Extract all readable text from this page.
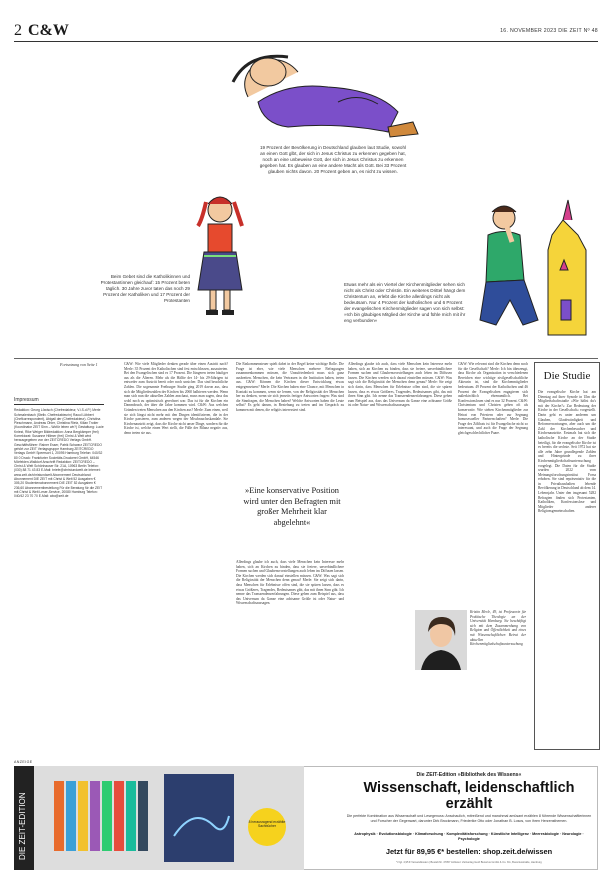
2 C&W	16. NOVEMBER 2023 DIE ZEIT Nº 48
19 Prozent der Bevölkerung in Deutschland glauben laut Studie, sowohl an einen Gott glbt, der sich in Jesus Christus zu erkennen gegeben hat, noch an eine unbeweise Gott, der sich in Jesus Christus zu erkennen gegeben hat. Es glauben an eine andere Macht als Gott. Bei 33 Prozent glauben nichts davon. 20 Prozent geben an, es nicht zu wissen.
Beim Gebet sind die Katholikinnen und Protestantinnen gleichauf: 15 Prozent beten täglich. 30 Jahre zuvor taten das noch 29 Prozent der Katholiken und 17 Prozent der Protestanten
Etwas mehr als ein Viertel der Kirchenmitglieder sehen sich nicht als Christ oder Christin. Ein weiteres Drittel hängt dem Christentum an, erlebt die Kirche allerdings nicht als bedeutsam. Nur 4 Prozent der katholischen und 6 Prozent der evangelischen Kirchenmitglieder sagen von sich selbst: »Ich bin gläubiges Mitglied der Kirche und fühle mich mit ihr eng verbunden«
Fortsetzung von Seite 1
Impressum
Redaktion: Georg Löwisch (Chefredakteur, V.i.S.d.P.) Merle Schmalenbach (Stellv. Chefredakteurin) Raoul Löbbert (Chefkorrespondent), Abigail der (Chefredakteur). Christina Pleschmann, Andreas Öhler, Christina Rietz, Kilian Trotier (Koordinator ZEIT Sinn – Wofür leben wir?) Gestaltung: Lucie Kniest, Rike Weiger Bildredaktion: Anna Bergkämper (frei) Korrektorat: Susanne Hillmer (frei) Christ & Welt wird herausgegeben von der ZEITCREDO Verlags GmbH. Geschäftsführer: Rainer Esser, Patrik Schwarz ZEITCREDO gehört zur ZEIT Verlagsgruppe Hamburg ZEITCREDO Verlags GmbH Speersort 1, 20095 Hamburg Telefon: 040/32 80 0 Druck: Frankfurter Societäts-Druckerei GmbH, 64546 Mörfelden-Walldorf Anschrift Redaktion: ZEITCREDO – Christ & Welt Schönhauser Str. 21A, 10963 Berlin Telefon: (030) 88 71 43 83 E-Mail: briefe@christundwelt.de Internet: www.zeit.de/christundwelt Abonnement Deutschland: Abonnement DIE ZEIT mit Christ & Welt 52 Ausgaben € 305,20 Studentenabonnement DIE ZEIT 52 Ausgaben € 236,60 Abonnementbestellung Für die Beratung für die ZEIT mit Christ & Welt Leser-Service, 20080 Hamburg Telefon: 040/42 23 70 70 E-Mail: abo@zeit.de
C&W: Wie viele Mitglieder denken gerade über einen Austritt nach? Merle: 35 Prozent der Katholischen sind fest entschlossen, auszutreten. Bei den Evangelischen sind es 17 Prozent. Die Jüngeren treten häufiger aus als die Älteren. Mehr als die Hälfte der 14- bis 29-Jährigen ist entweder zum Austritt bereit oder noch unsicher. Das sind beachtliche Zahlen. Die sogenannte Freiburger Studie ging 2019 davon aus, dass sich die Mitgliederzahlen der Kirchen bis 2060 halbieren werden. Wenn man sich nun die aktuellen Zahlen anschaut, muss man sagen, dass das wohl noch zu optimistisch gerechnet war. Das ist für die Kirchen ein Dammbruch, der über die Jahre kommen wird. C&W: Aus welchen Gründen treten Menschen aus den Kirchen aus? Merle: Zum einen, weil sie sich längst nicht mehr mit den Dingen identifizieren, die in der Kirche passieren, zum anderen wegen der Missbrauchsskandale. Sie Kirchenaustritt zeigt, dass die Kirche nicht unser Dinge, sondern für die Kirche ist, welche einen Wert stellt, die Fälle der Bilanz negativ aus, denn treten sie aus.
Die Einkommensteuer spielt dabei in der Regel keine wichtige Rolle. Die Frage ist eher, wie viele Menschen mehrere Befragungen zusammenkommen müssen, die Unzufriedenheit muss sich ganz ausbreiten. Menschen, die kein Vertrauen in die Institution haben, treten aus. C&W: Können die Kirchen dieser Entwicklung etwas entgegensetzen? Merle: Die Kirchen haben eine Chance, mit Menschen in Kontakt zu kommen, wenn sie lernen, von der Religiosität der Menschen her zu denken, wenn sie sich jenseits fertiger Antworten fragen: Was sind die Sinnfragen, die Menschen haben? Welche Antworten haben die Leute selbst? Es geht darum, in Beziehung zu treten und im Gespräch zu kommen mit denen, die religiös interessiert sind.
»Eine konservative Position wird unter den Befragten mit großer Mehrheit klar abgelehnt«
Allerdings glaube ich auch, dass viele Menschen kein Interesse mehr haben, sich an Kirchen zu binden, dass sie freiere, unverbindlichere Formen suchen und Glaubensvorstellungen auch leben im Diffusen lassen. Die Kirchen werden sich darauf einstellen müssen. C&W: Was sagt sich die Religiosität der Menschen denn genau? Merle: Sie zeigt sich darin, dass Menschen für Erlebnisse offen sind, die sie spüren lassen, dass es etwas Größeres, Tragendes, Bedeutsames gibt, das mit ihren Sinn gibt. Ich nenne das Transzendenzerfahrungen. Diese gehen zum Beispiel aus, dass das Universum da Ganze eine achtsame Größe ist oder Natur- und Wissenschaftsaussagen.
Allerdings glaube ich auch, dass viele Menschen kein Interesse mehr haben, sich an Kirchen zu binden, dass sie freiere, unverbindlichere Formen suchen und Glaubensvorstellungen auch leben im Diffusen lassen. Die Kirchen werden sich darauf einstellen müssen. C&W: Was sagt sich die Religiosität der Menschen denn genau? Merle: Sie zeigt sich darin, dass Menschen für Erlebnisse offen sind, die sie spüren lassen, dass es etwas Größeres, Tragendes, Bedeutsames gibt, das mit ihren Sinn gibt. Ich nenne das Transzendenzerfahrungen. Diese gehen zum Beispiel aus, dass das Universum da Ganze eine achtsame Größe ist oder Natur- und Wissenschaftsaussagen.
C&W: Wie relevant sind die Kirchen denn noch für die Gesellschaft? Merle: Ich bin überzeugt, dass Kirche als Organisation in verschiedenen Bereichen eine wichtige zivilgesellschaftliche Akteurin ist, sind die Kirchenmitglieder bedeutsam. 49 Prozent der Katholischen und 46 Prozent der Evangelischen engagieren sich außerkirchlich ehrenamtlich. Bei Konfessionslosen sind es nur 32 Prozent. C&W: Christentum und Christen gehen oft als konservativ. Wie stehen Kirchenmitglieder zur Heirat von Priestern oder zur Segnung homosexueller Partnerschaften? Merle: Die Frage des Zölibats ist für Evangelische nicht so interessant, und auch die Frage der Segnung gleichgeschlechtlicher Paare.
Kristin Merle, 49, ist Professorin für Praktische Theologie an der Universität Hamburg. Sie beschäftigt sich mit dem Zusammenhang von Religion und Öffentlichkeit und eines mit Wissenschaftlichen Beirat der aktuellen Kirchenmitgliedschaftsuntersuchung
Die Studie
Die evangelische Kirche hat am Dienstag auf ihrer Synode in Ulm die Mitgliedschaftsstudie »Wie hältst du's mit der Kirche?« Zur Bedeutung der Kirche in der Gesellschaft« vorgestellt. Darin geht es unter anderem um Glauben, Glaubwürdigkeit und Reformerwartungen, aber auch um die Zahl der Kirchenbesucher und Kirchenaustritte. Erstmals hat sich die katholische Kirche an der Studie beteiligt, für die evangelische Kirche ist es bereits die sechste. Seit 1972 hat sie alle zehn Jahre grundlegende Zahlen und Hintergründe zu ihrer Kirchenmitgliedschaftsuntersuchung vorgelegt. Die Daten für die Studie wurden 2022 vom Meinungsforschungsinstitut Forsa erhoben. Sie sind repräsentativ für die in Privathaushalten lebende Bevölkerung in Deutschland ab dem 14. Lebensjahr. Unter den insgesamt 5282 Befragten finden sich Protestanten, Katholiken, Konfessionslose und Mitglieder anderer Religionsgemeinschaften.
ANZEIGE
DIE ZEIT-EDITION	8 herausragend erzählte Sachbücher
Die ZEIT-Edition »Bibliothek des Wissens«
Wissenschaft, leidenschaftlich erzählt
Die perfekte Kombination aus Wissenschaft und Lesegenuss: Anschaulich, mitreißend und manchmal amüsant erzählen 8 führende Wissenschaftlerinnen und Forscher der Gegenwart, darunter Dirk Brockmann, Friederike Otto oder Jonathan B. Losos, von ihren Herzensthemen.
Astrophysik · Evolutionsbiologie · Klimaforschung · Komplexitätsforschung · Künstliche Intelligenz · Meeresbiologie · Neurologie · Psychologie
Jetzt für 89,95 €* bestellen: shop.zeit.de/wissen
*zzgl. 4,95 € Versandkosten | Bestell-Nr. 47057 Anbieter: Zeitverlag Gerd Bucerius GmbH & Co. KG, Buceriusstraße, Hamburg
